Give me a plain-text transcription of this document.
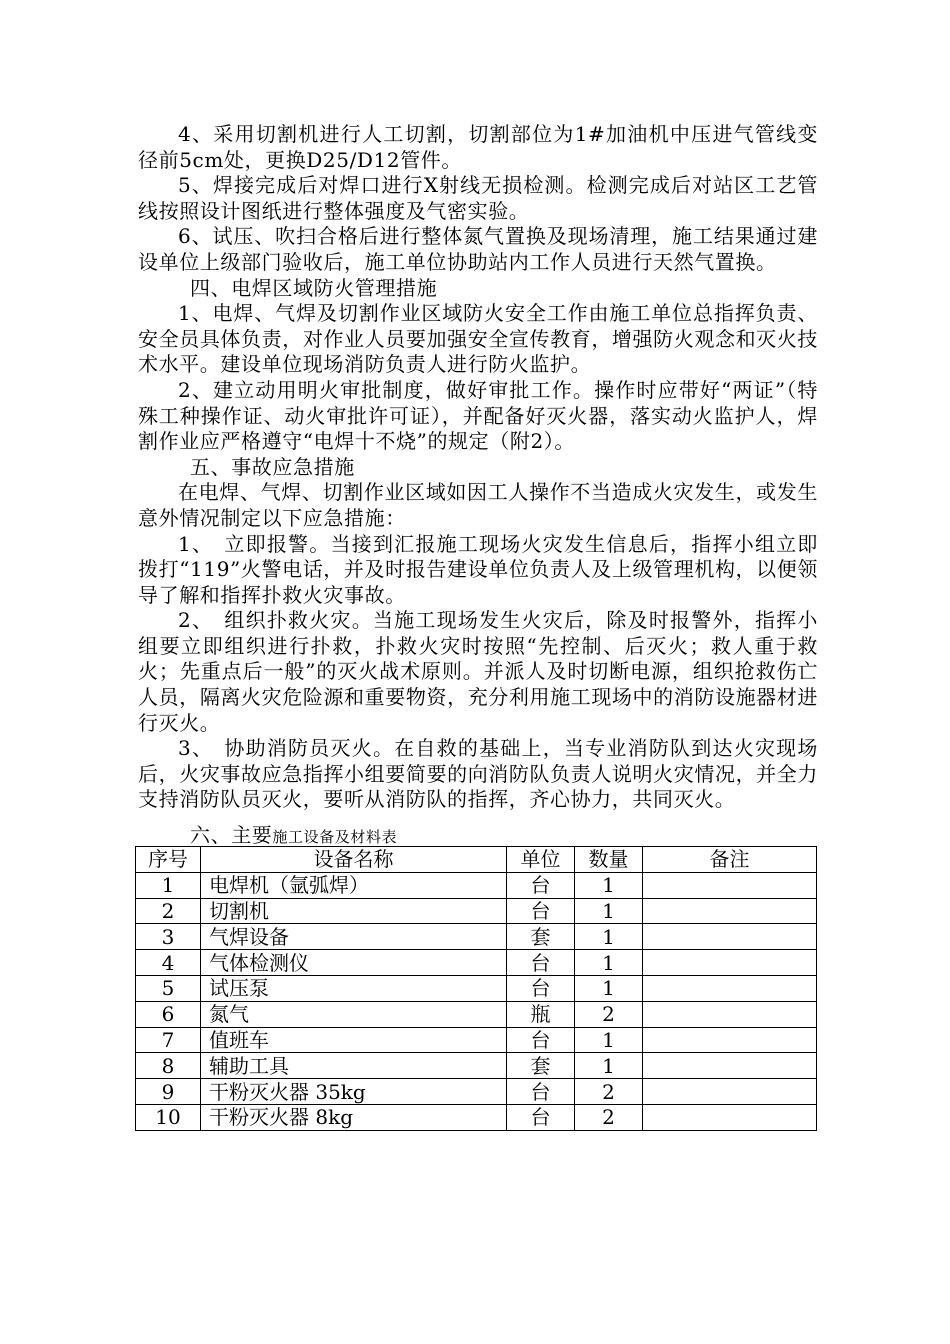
4、采用切割机进行人工切割，切割部位为1#加油机中压进气管线变径前5cm处，更换D25/D12管件。

5、焊接完成后对焊口进行X射线无损检测。检测完成后对站区工艺管线按照设计图纸进行整体强度及气密实验。

6、试压、吹扫合格后进行整体氮气置换及现场清理，施工结果通过建设单位上级部门验收后，施工单位协助站内工作人员进行天然气置换。

四、电焊区域防火管理措施

1、电焊、气焊及切割作业区域防火安全工作由施工单位总指挥负责、安全员具体负责，对作业人员要加强安全宣传教育，增强防火观念和灭火技术水平。建设单位现场消防负责人进行防火监护。

2、建立动用明火审批制度，做好审批工作。操作时应带好“两证”（特殊工种操作证、动火审批许可证），并配备好灭火器，落实动火监护人，焊割作业应严格遵守“电焊十不烧”的规定（附2）。

五、事故应急措施

在电焊、气焊、切割作业区域如因工人操作不当造成火灾发生，或发生意外情况制定以下应急措施：

1、　立即报警。当接到汇报施工现场火灾发生信息后，指挥小组立即拨打“119”火警电话，并及时报告建设单位负责人及上级管理机构，以便领导了解和指挥扑救火灾事故。

2、　组织扑救火灾。当施工现场发生火灾后，除及时报警外，指挥小组要立即组织进行扑救，扑救火灾时按照“先控制、后灭火；救人重于救火；先重点后一般”的灭火战术原则。并派人及时切断电源，组织抢救伤亡人员，隔离火灾危险源和重要物资，充分利用施工现场中的消防设施器材进行灭火。

3、　协助消防员灭火。在自救的基础上，当专业消防队到达火灾现场后，火灾事故应急指挥小组要简要的向消防队负责人说明火灾情况，并全力支持消防队员灭火，要听从消防队的指挥，齐心协力，共同灭火。

六、主要施工设备及材料表
序号	设备名称	单位	数量	备注
1	电焊机（氩弧焊）	台	1	
2	切割机	台	1	
3	气焊设备	套	1	
4	气体检测仪	台	1	
5	试压泵	台	1	
6	氮气	瓶	2	
7	值班车	台	1	
8	辅助工具	套	1	
9	干粉灭火器 35kg	台	2	
10	干粉灭火器 8kg	台	2	
